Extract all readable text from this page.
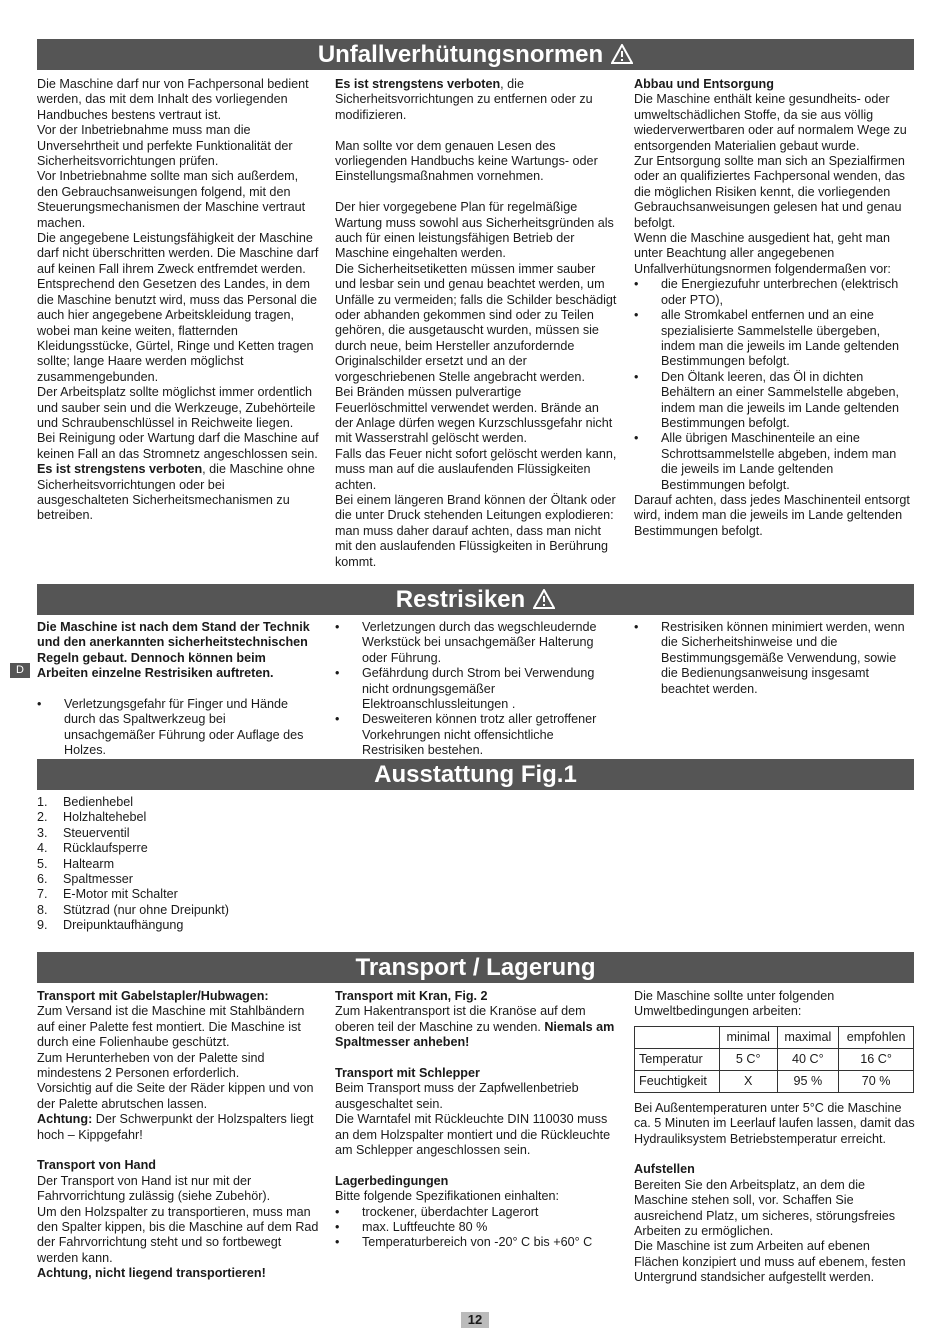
Unfallverhütungsnormen

Die Maschine darf nur von Fachpersonal bedient werden, das mit dem Inhalt des vorliegenden Handbuches bestens vertraut ist.

Vor der Inbetriebnahme muss man die Unversehrtheit und perfekte Funktionalität der Sicherheitsvorrichtungen prüfen.

Vor Inbetriebnahme sollte man sich außerdem, den Gebrauchsanweisungen folgend, mit den Steuerungsmechanismen der Maschine vertraut machen.

Die angegebene Leistungsfähigkeit der Maschine darf nicht überschritten werden. Die Maschine darf auf keinen Fall ihrem Zweck entfremdet werden.

Entsprechend den Gesetzen des Landes, in dem die Maschine benutzt wird, muss das Personal die auch hier angegebene Arbeitskleidung tragen, wobei man keine weiten, flatternden Kleidungsstücke, Gürtel, Ringe und Ketten tragen sollte; lange Haare werden möglichst zusammengebunden.

Der Arbeitsplatz sollte möglichst immer ordentlich und sauber sein und die Werkzeuge, Zubehörteile und Schraubenschlüssel in Reichweite liegen.

Bei Reinigung oder Wartung darf die Maschine auf keinen Fall an das Stromnetz angeschlossen sein.

Es ist strengstens verboten, die Maschine ohne Sicherheitsvorrichtungen oder bei ausgeschalteten Sicherheitsmechanismen zu betreiben.

Es ist strengstens verboten, die Sicherheitsvorrichtungen zu entfernen oder zu modifizieren.

Man sollte vor dem genauen Lesen des vorliegenden Handbuchs keine Wartungs- oder Einstellungsmaßnahmen vornehmen.

Der hier vorgegebene Plan für regelmäßige Wartung muss sowohl aus Sicherheitsgründen als auch für einen leistungsfähigen Betrieb der Maschine eingehalten werden.

Die Sicherheitsetiketten müssen immer sauber und lesbar sein und genau beachtet werden, um Unfälle zu vermeiden; falls die Schilder beschädigt oder abhanden gekommen sind oder zu Teilen gehören, die ausgetauscht wurden, müssen sie durch neue, beim Hersteller anzufordernde Originalschilder ersetzt und an der vorgeschriebenen Stelle angebracht werden.

Bei Bränden müssen pulverartige Feuerlöschmittel verwendet werden. Brände an der Anlage dürfen wegen Kurzschlussgefahr nicht mit Wasserstrahl gelöscht werden.

Falls das Feuer nicht sofort gelöscht werden kann, muss man auf die auslaufenden Flüssigkeiten achten.

Bei einem längeren Brand können der Öltank oder die unter Druck stehenden Leitungen explodieren: man muss daher darauf achten, dass man nicht mit den auslaufenden Flüssigkeiten in Berührung kommt.

Abbau und Entsorgung

Die Maschine enthält keine gesundheits- oder umweltschädlichen Stoffe, da sie aus völlig wiederverwertbaren oder auf normalem Wege zu entsorgenden Materialien gebaut wurde.

Zur Entsorgung sollte man sich an Spezialfirmen oder an qualifiziertes Fachpersonal wenden, das die möglichen Risiken kennt, die vorliegenden Gebrauchsanweisungen gelesen hat und genau befolgt.

Wenn die Maschine ausgedient hat, geht man unter Beachtung aller angegebenen Unfallverhütungsnormen folgendermaßen vor:

• die Energiezufuhr unterbrechen (elektrisch oder PTO),
• alle Stromkabel entfernen und an eine spezialisierte Sammelstelle übergeben, indem man die jeweils im Lande geltenden Bestimmungen befolgt.
• Den Öltank leeren, das Öl in dichten Behältern an einer Sammelstelle abgeben, indem man die jeweils im Lande geltenden Bestimmungen befolgt.
• Alle übrigen Maschinenteile an eine Schrottsammelstelle abgeben, indem man die jeweils im Lande geltenden Bestimmungen befolgt.

Darauf achten, dass jedes Maschinenteil entsorgt wird, indem man die jeweils im Lande geltenden Bestimmungen befolgt.

Restrisiken
D

Die Maschine ist nach dem Stand der Technik und den anerkannten sicherheitstechnischen Regeln gebaut. Dennoch können beim Arbeiten einzelne Restrisiken auftreten.

• Verletzungsgefahr für Finger und Hände durch das Spaltwerkzeug bei unsachgemäßer Führung oder Auflage des Holzes.
• Verletzungen durch das wegschleudernde Werkstück bei unsachgemäßer Halterung oder Führung.
• Gefährdung durch Strom bei Verwendung nicht ordnungsgemäßer Elektroanschlussleitungen .
• Desweiteren können trotz aller getroffener Vorkehrungen nicht offensichtliche Restrisiken bestehen.
• Restrisiken können minimiert werden, wenn die Sicherheitshinweise und die Bestimmungsgemäße Verwendung, sowie die Bedienungsanweisung insgesamt beachtet werden.
Ausstattung Fig.1
1. Bedienhebel
2. Holzhaltehebel
3. Steuerventil
4. Rücklaufsperre
5. Haltearm
6. Spaltmesser
7. E-Motor mit Schalter
8. Stützrad (nur ohne Dreipunkt)
9. Dreipunktaufhängung
Transport / Lagerung

Transport mit Gabelstapler/Hubwagen:

Zum Versand ist die Maschine mit Stahlbändern auf einer Palette fest montiert. Die Maschine ist durch eine Folienhaube geschützt.

Zum Herunterheben von der Palette sind mindestens 2 Personen erforderlich.

Vorsichtig auf die Seite der Räder kippen und von der Palette abrutschen lassen.

Achtung: Der Schwerpunkt der Holzspalters liegt hoch – Kippgefahr!

Transport von Hand

Der Transport von Hand ist nur mit der Fahrvorrichtung zulässig (siehe Zubehör).

Um den Holzspalter zu transportieren, muss man den Spalter kippen, bis die Maschine auf dem Rad der Fahrvorrichtung steht und so fortbewegt werden kann.

Achtung, nicht liegend transportieren!

Transport mit Kran, Fig. 2

Zum Hakentransport ist die Kranöse auf dem oberen teil der Maschine zu wenden. Niemals am Spaltmesser anheben!

Transport mit Schlepper

Beim Transport muss der Zapfwellenbetrieb ausgeschaltet sein.

Die Warntafel mit Rückleuchte DIN 110030 muss an dem Holzspalter montiert und die Rückleuchte am Schlepper angeschlossen sein.

Lagerbedingungen

Bitte folgende Spezifikationen einhalten:

• trockener, überdachter Lagerort
• max. Luftfeuchte 80 %
• Temperaturbereich von -20° C bis +60° C

Die Maschine sollte unter folgenden Umweltbedingungen arbeiten:

	minimal	maximal	empfohlen
Temperatur	5 C°	40 C°	16 C°
Feuchtigkeit	X	95 %	70 %

Bei Außentemperaturen unter 5°C die Maschine ca. 5 Minuten im Leerlauf laufen lassen, damit das Hydrauliksystem Betriebstemperatur erreicht.

Aufstellen

Bereiten Sie den Arbeitsplatz, an dem die Maschine stehen soll, vor. Schaffen Sie ausreichend Platz, um sicheres, störungsfreies Arbeiten zu ermöglichen.

Die Maschine ist zum Arbeiten auf ebenen Flächen konzipiert und muss auf ebenem, festen Untergrund standsicher aufgestellt werden.

12
